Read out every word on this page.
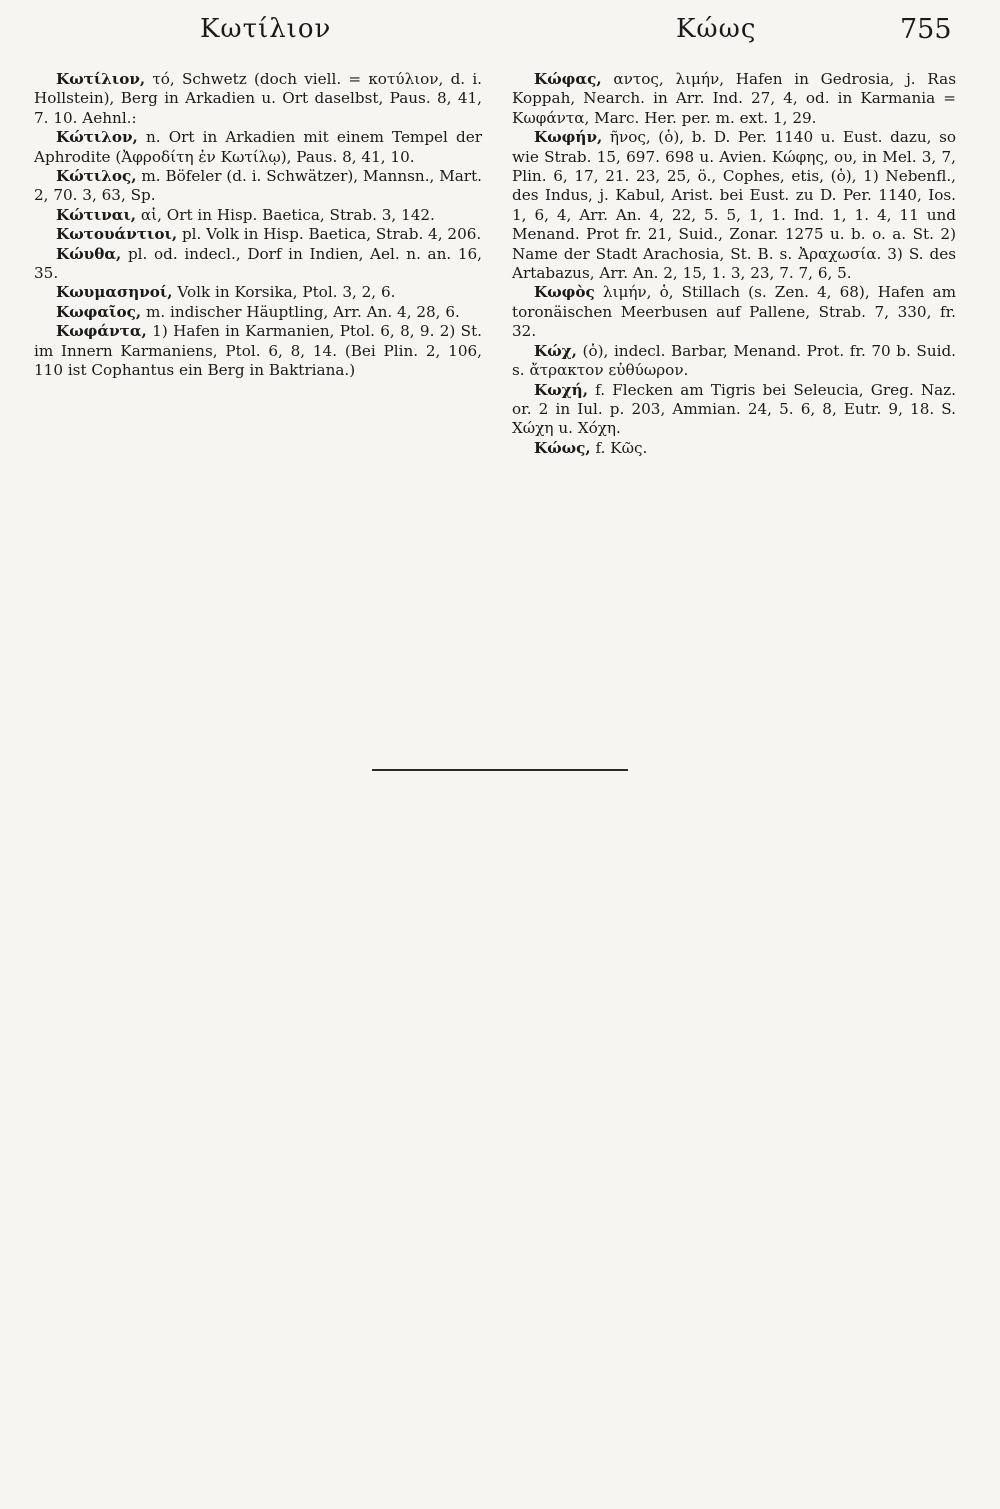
Κωτίλιον	Κώως	755

Κωτίλιον, τό, Schwetz (doch viell. = κοτύλιον, d. i. Hollstein), Berg in Arkadien u. Ort daselbst, Paus. 8, 41, 7. 10. Aehnl.:

Κώτιλον, n. Ort in Arkadien mit einem Tempel der Aphrodite (Ἀφροδίτη ἐν Κωτίλῳ), Paus. 8, 41, 10.

Κώτιλος, m. Böfeler (d. i. Schwätzer), Mannsn., Mart. 2, 70. 3, 63, Sp.

Κώτιναι, αἱ, Ort in Hisp. Baetica, Strab. 3, 142.

Κωτουάντιοι, pl. Volk in Hisp. Baetica, Strab. 4, 206.

Κώυθα, pl. od. indecl., Dorf in Indien, Ael. n. an. 16, 35.

Κωυμασηνοί, Volk in Korsika, Ptol. 3, 2, 6.

Κωφαῖος, m. indischer Häuptling, Arr. An. 4, 28, 6.

Κωφάντα, 1) Hafen in Karmanien, Ptol. 6, 8, 9. 2) St. im Innern Karmaniens, Ptol. 6, 8, 14. (Bei Plin. 2, 106, 110 ist Cophantus ein Berg in Baktriana.)

Κώφας, αντος, λιμήν, Hafen in Gedrosia, j. Ras Koppah, Nearch. in Arr. Ind. 27, 4, od. in Karmania = Κωφάντα, Marc. Her. per. m. ext. 1, 29.

Κωφήν, ῆνος, (ὁ), b. D. Per. 1140 u. Eust. dazu, so wie Strab. 15, 697. 698 u. Avien. Κώφης, ου, in Mel. 3, 7, Plin. 6, 17, 21. 23, 25, ö., Cophes, etis, (ὁ), 1) Nebenfl., des Indus, j. Kabul, Arist. bei Eust. zu D. Per. 1140, Ios. 1, 6, 4, Arr. An. 4, 22, 5. 5, 1, 1. Ind. 1, 1. 4, 11 und Menand. Prot fr. 21, Suid., Zonar. 1275 u. b. o. a. St. 2) Name der Stadt Arachosia, St. B. s. Ἀραχωσία. 3) S. des Artabazus, Arr. An. 2, 15, 1. 3, 23, 7. 7, 6, 5.

Κωφὸς λιμήν, ὁ, Stillach (s. Zen. 4, 68), Hafen am toronäischen Meerbusen auf Pallene, Strab. 7, 330, fr. 32.

Κώχ, (ὁ), indecl. Barbar, Menand. Prot. fr. 70 b. Suid. s. ἄτρακτον εὐθύωρον.

Κωχή, f. Flecken am Tigris bei Seleucia, Greg. Naz. or. 2 in Iul. p. 203, Ammian. 24, 5. 6, 8, Eutr. 9, 18. S. Χώχη u. Χόχη.

Κώως, f. Κῶς.
